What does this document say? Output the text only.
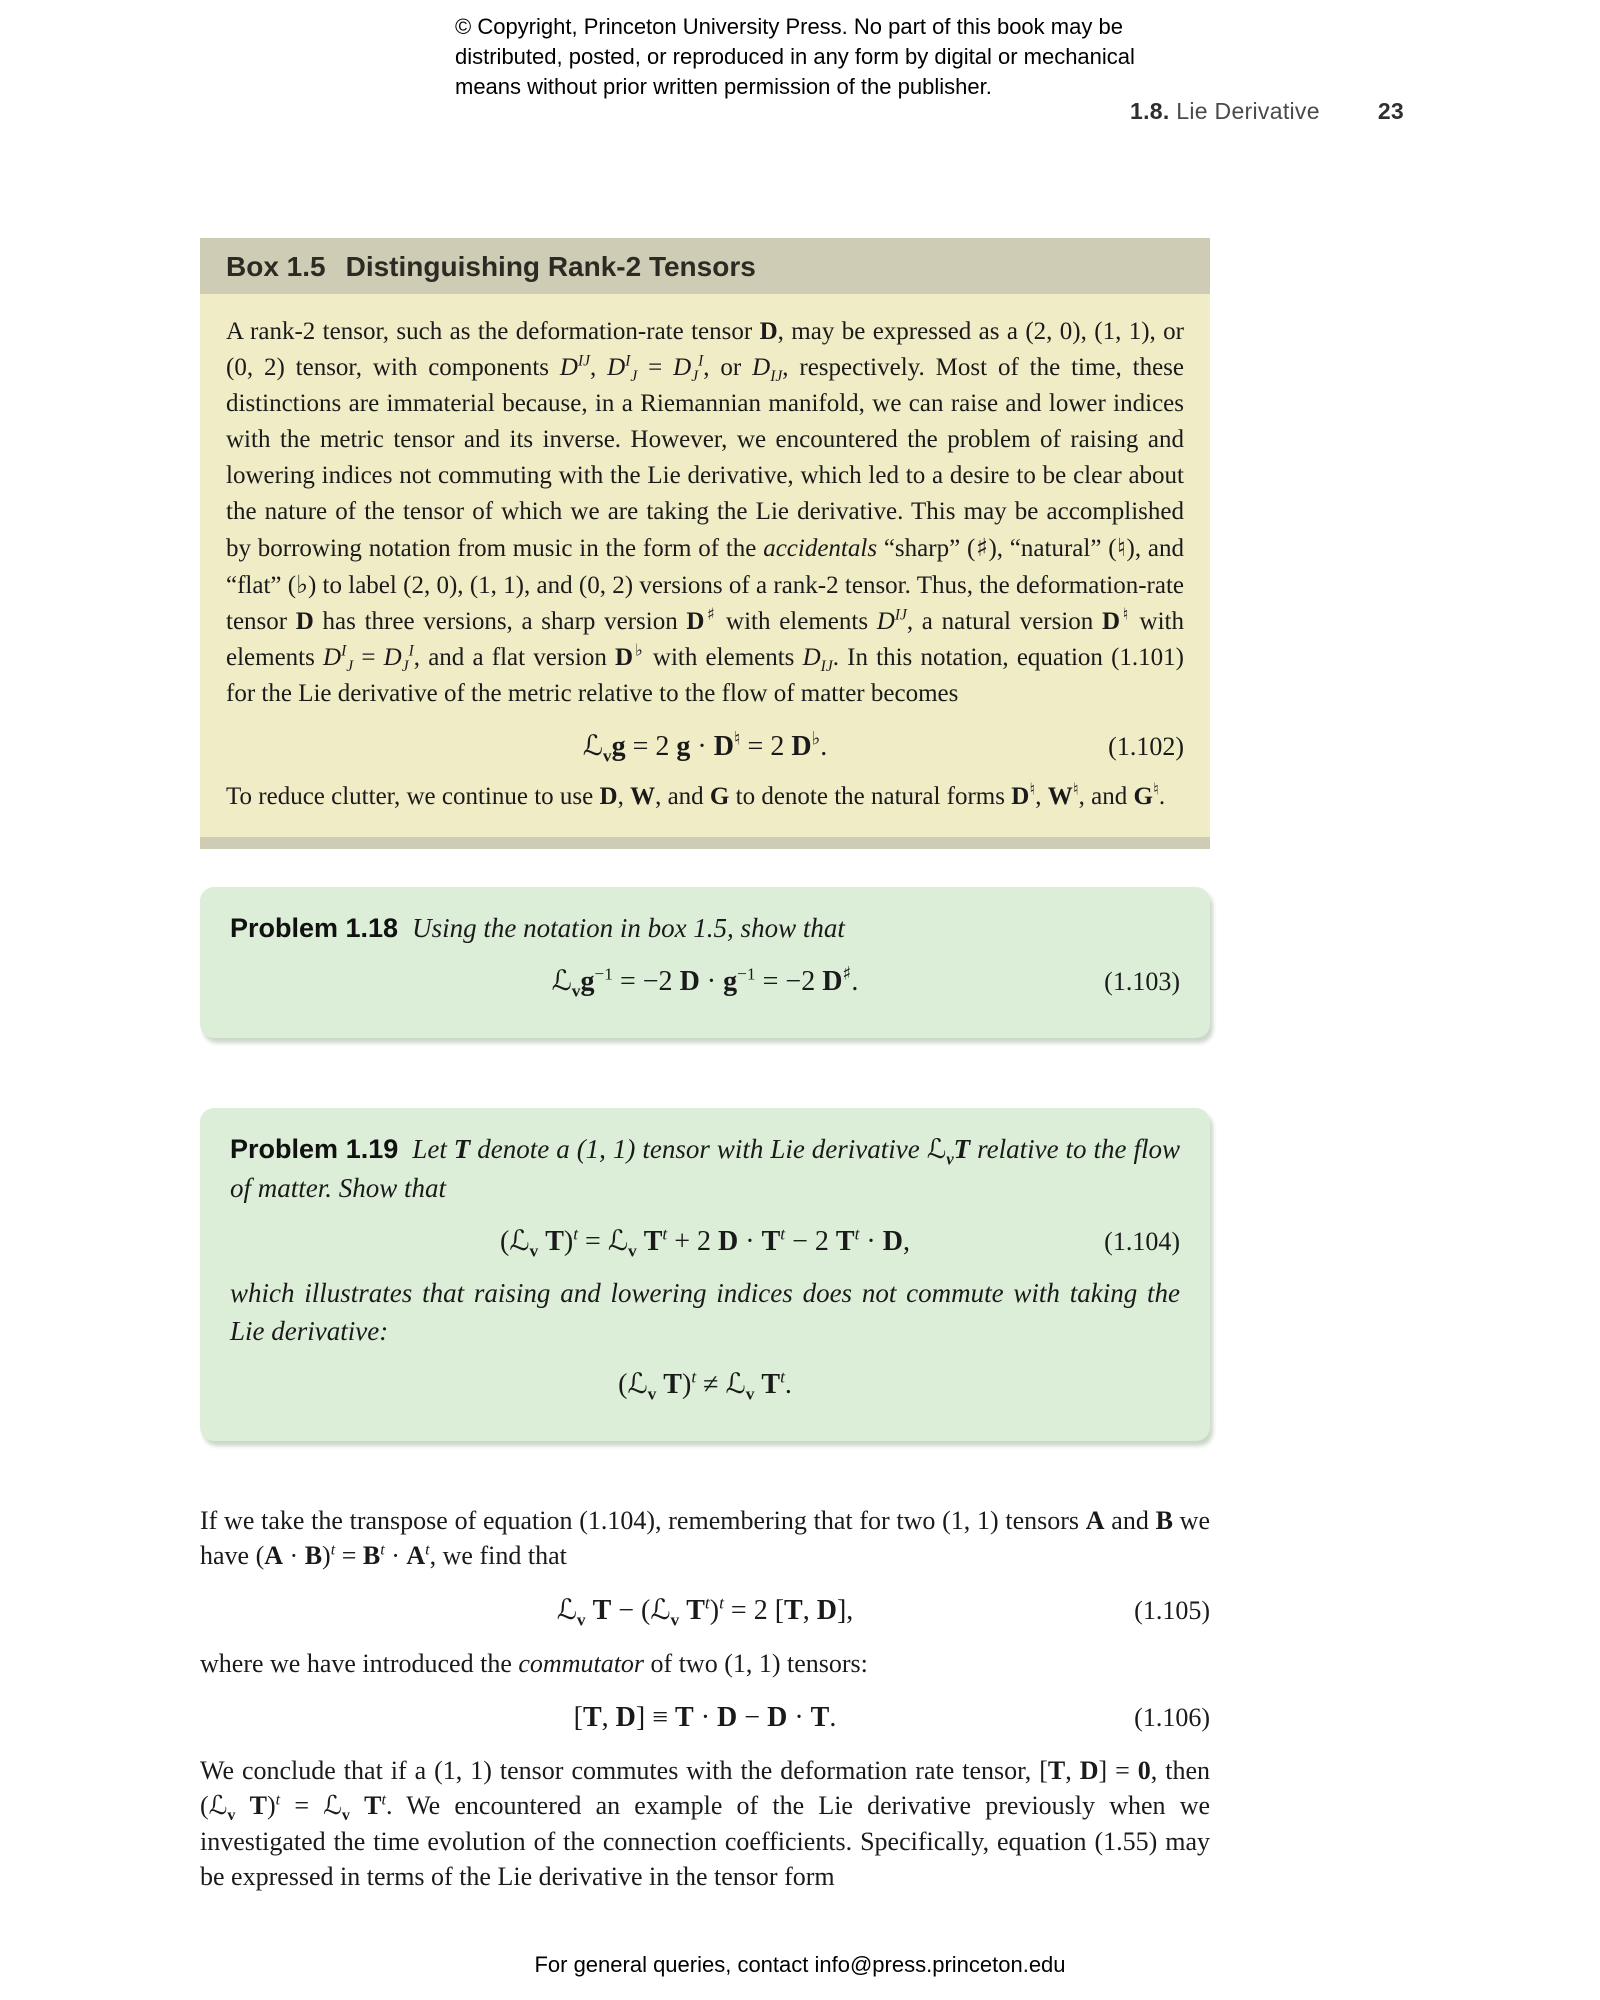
© Copyright, Princeton University Press. No part of this book may be
distributed, posted, or reproduced in any form by digital or mechanical
means without prior written permission of the publisher.
1.8. Lie Derivative	23
Box 1.5 Distinguishing Rank-2 Tensors

A rank-2 tensor, such as the deformation-rate tensor D, may be expressed as a (2, 0), (1, 1), or (0, 2) tensor, with components $D^{IJ}$, $D^I_J = D_J^I$, or $D_{IJ}$, respectively. Most of the time, these distinctions are immaterial because, in a Riemannian manifold, we can raise and lower indices with the metric tensor and its inverse. However, we encountered the problem of raising and lowering indices not commuting with the Lie derivative, which led to a desire to be clear about the nature of the tensor of which we are taking the Lie derivative. This may be accomplished by borrowing notation from music in the form of the accidentals “sharp” (♯), “natural” (♮), and “flat” (♭) to label (2, 0), (1, 1), and (0, 2) versions of a rank-2 tensor. Thus, the deformation-rate tensor D has three versions, a sharp version D♯ with elements $D^{IJ}$, a natural version D♮ with elements $D^I_J = D_J^I$, and a flat version D♭ with elements $D_{IJ}$. In this notation, equation (1.101) for the Lie derivative of the metric relative to the flow of matter becomes

ℒ$_v$g = 2 g · D♮ = 2 D♭.	(1.102)

To reduce clutter, we continue to use D, W, and G to denote the natural forms D♮, W♮, and G♮.

Problem 1.18 Using the notation in box 1.5, show that

$ℒ_vg^{-1} = -2$ $D \cdot g^{-1} = -2$ D♯.	(1.103)

Problem 1.19 Let T denote a (1, 1) tensor with Lie derivative ℒ$_v$T relative to the flow of matter. Show that

(ℒ$_v$ T)$^t$ = ℒ$_v$ $T^t + 2$ $D \cdot T^t - 2$ $T^t \cdot D$,	(1.104)

which illustrates that raising and lowering indices does not commute with taking the Lie derivative:

(ℒ$_v$ T)$^t$ ≠ ℒ$_v$ $T^t$.

If we take the transpose of equation (1.104), remembering that for two (1, 1) tensors A and B we have $(A \cdot B)^t = B^t \cdot A^t$, we find that

ℒ$_v$ T − (ℒ$_v$ $T^t)^t = 2$ [T, D],	(1.105)

where we have introduced the commutator of two (1, 1) tensors:

[T, D] ≡ T · D − D · T.	(1.106)

We conclude that if a (1, 1) tensor commutes with the deformation rate tensor, [T, D] = 0, then (ℒ$_v$ T)$^t$ = ℒ$_v$ $T^t$. We encountered an example of the Lie derivative previously when we investigated the time evolution of the connection coefficients. Specifically, equation (1.55) may be expressed in terms of the Lie derivative in the tensor form

For general queries, contact info@press.princeton.edu
